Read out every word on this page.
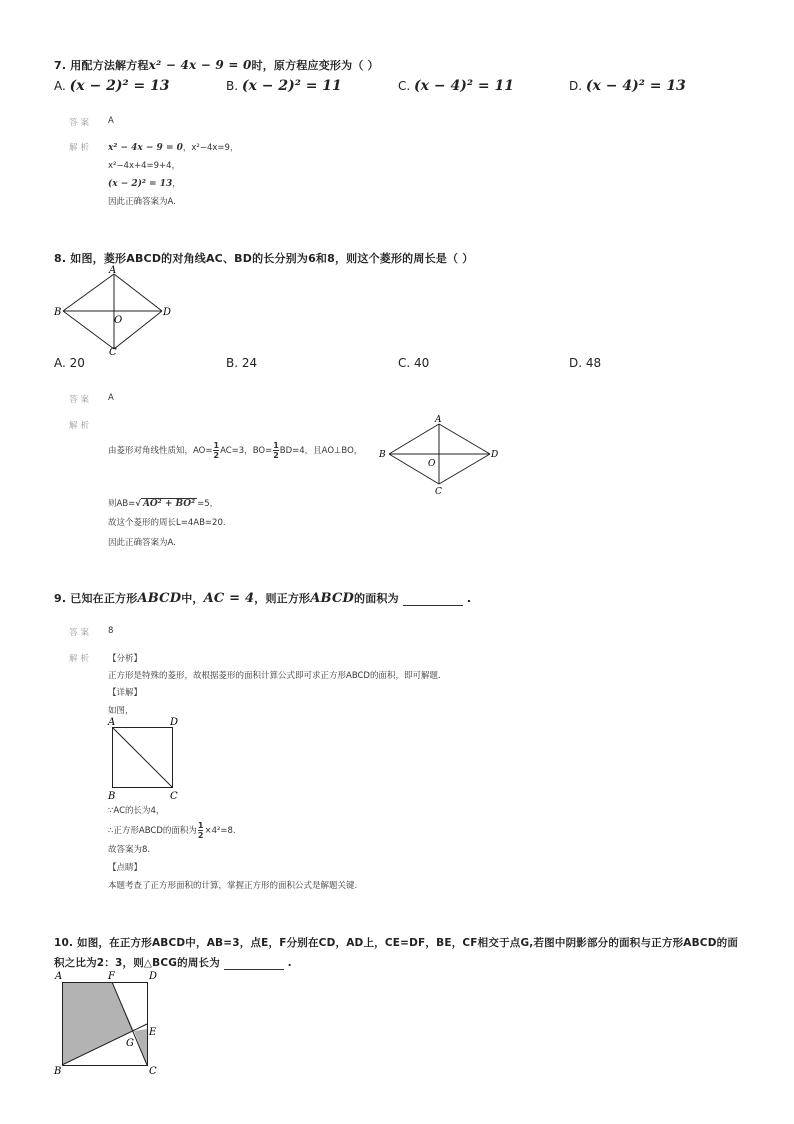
7. 用配方法解方程x² − 4x − 9 = 0时，原方程应变形为（ ）
A. (x − 2)² = 13	B. (x − 2)² = 11	C. (x − 4)² = 11	D. (x − 4)² = 13
答案 A
解析 x² − 4x − 9 = 0，x²−4x=9，
x²−4x+4=9+4，
(x − 2)² = 13，
因此正确答案为A.
8. 如图，菱形ABCD的对角线AC、BD的长分别为6和8，则这个菱形的周长是（ ）
A
B
C
D
O
A. 20	B. 24	C. 40	D. 48
答案 A
解析
由菱形对角线性质知，$AO= \frac{1}{2} AC=3$，$BO= \frac{1}{2} BD=4$，且AO⊥BO，
A
B
C
D
O
则AB=√ AO² + BO² =5，
故这个菱形的周长L=4AB=20.
因此正确答案为A.
9. 已知在正方形ABCD中，AC = 4，则正方形ABCD的面积为	.
答案 8
解析 【分析】
正方形是特殊的菱形，故根据菱形的面积计算公式即可求正方形ABCD的面积，即可解题.
【详解】
如图，
A	D
B	C
∵AC的长为4，
∴正方形ABCD的面积为 $\frac{1}{2} \times 4^2=8$.
故答案为8.
【点睛】
本题考查了正方形面积的计算，掌握正方形的面积公式是解题关键.
10. 如图，在正方形ABCD中，AB=3，点E，F分别在CD，AD上，CE=DF，BE，CF相交于点G,若图中阴影部分的面积与正方形ABCD的面
积之比为2：3，则△BCG的周长为	.
A	F	D
E
G
B	C
